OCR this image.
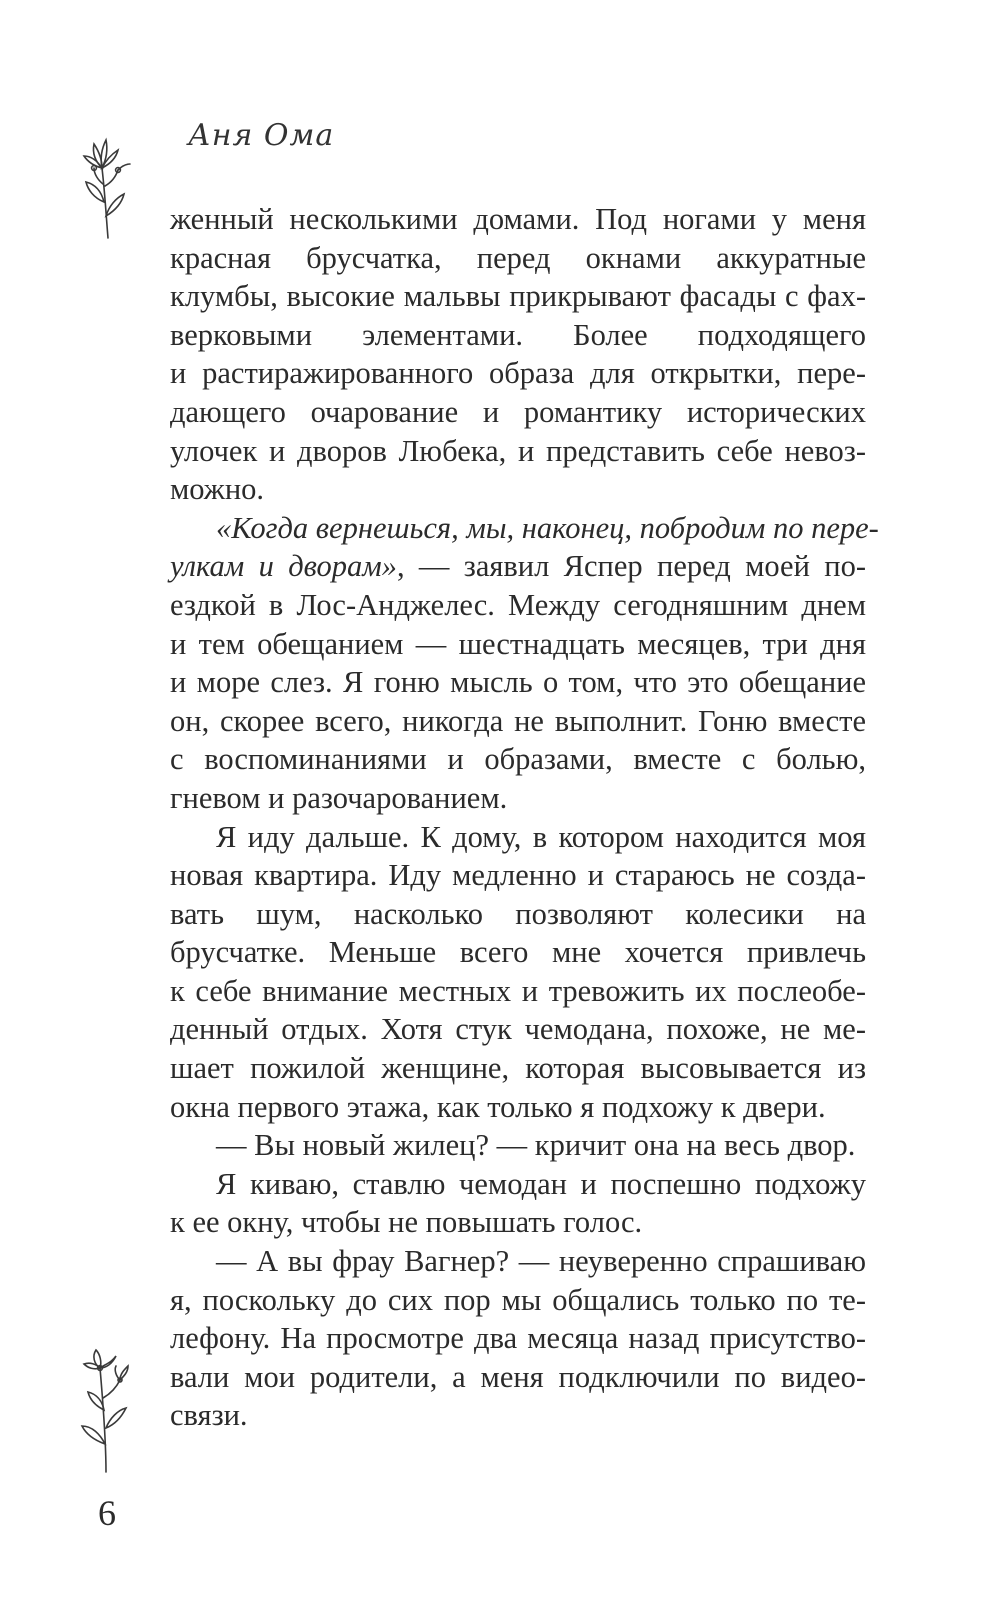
Аня Ома
женный несколькими домами. Под ногами у меня
красная брусчатка, перед окнами аккуратные
клумбы, высокие мальвы прикрывают фасады с фах-
верковыми элементами. Более подходящего
и растиражированного образа для открытки, пере-
дающего очарование и романтику исторических
улочек и дворов Любека, и представить себе невоз-
можно.
«Когда вернешься, мы, наконец, побродим по пере-
улкам и дворам», — заявил Яспер перед моей по-
ездкой в Лос-Анджелес. Между сегодняшним днем
и тем обещанием — шестнадцать месяцев, три дня
и море слез. Я гоню мысль о том, что это обещание
он, скорее всего, никогда не выполнит. Гоню вместе
с воспоминаниями и образами, вместе с болью,
гневом и разочарованием.
Я иду дальше. К дому, в котором находится моя
новая квартира. Иду медленно и стараюсь не созда-
вать шум, насколько позволяют колесики на
брусчатке. Меньше всего мне хочется привлечь
к себе внимание местных и тревожить их послеобе-
денный отдых. Хотя стук чемодана, похоже, не ме-
шает пожилой женщине, которая высовывается из
окна первого этажа, как только я подхожу к двери.
— Вы новый жилец? — кричит она на весь двор.
Я киваю, ставлю чемодан и поспешно подхожу
к ее окну, чтобы не повышать голос.
— А вы фрау Вагнер? — неуверенно спрашиваю
я, поскольку до сих пор мы общались только по те-
лефону. На просмотре два месяца назад присутство-
вали мои родители, а меня подключили по видео-
связи.
6
